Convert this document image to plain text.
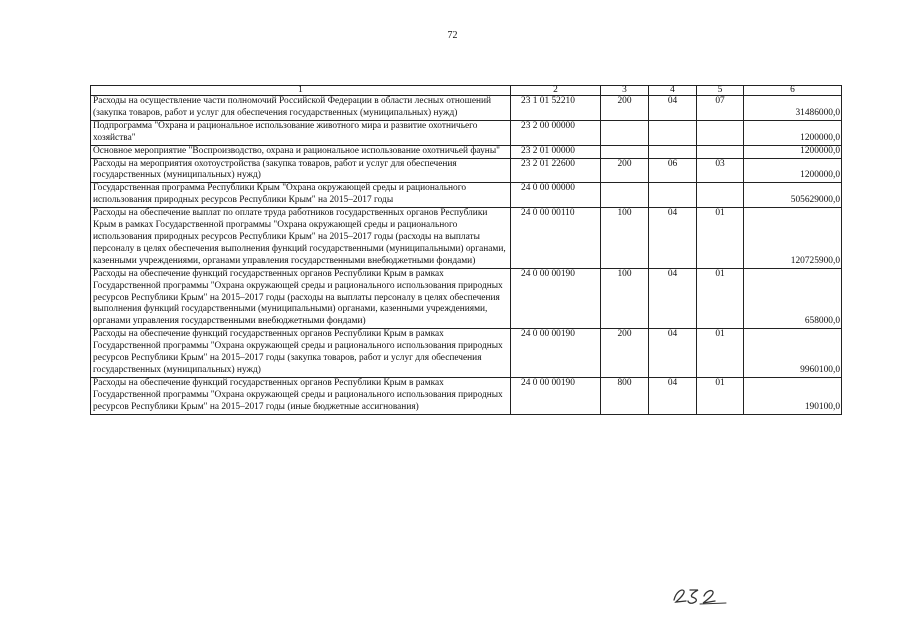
72
1	2	3	4	5	6
Расходы на осуществление части полномочий Российской Федерации в области лесных отношений (закупка товаров, работ и услуг для обеспечения государственных (муниципальных) нужд)	23 1 01 52210	200	04	07	31486000,0
Подпрограмма "Охрана и рациональное использование животного мира и развитие охотничьего хозяйства"	23 2 00 00000				1200000,0
Основное мероприятие "Воспроизводство, охрана и рациональное использование охотничьей фауны"	23 2 01 00000				1200000,0
Расходы на мероприятия охотоустройства (закупка товаров, работ и услуг для обеспечения государственных (муниципальных) нужд)	23 2 01 22600	200	06	03	1200000,0
Государственная программа Республики Крым "Охрана окружающей среды и рационального использования природных ресурсов Республики Крым" на 2015–2017 годы	24 0 00 00000				505629000,0
Расходы на обеспечение выплат по оплате труда работников государственных органов Республики Крым в рамках Государственной программы "Охрана окружающей среды и рационального использования природных ресурсов Республики Крым" на 2015–2017 годы (расходы на выплаты персоналу в целях обеспечения выполнения функций государственными (муниципальными) органами, казенными учреждениями, органами управления государственными внебюджетными фондами)	24 0 00 00110	100	04	01	120725900,0
Расходы на обеспечение функций государственных органов Республики Крым в рамках Государственной программы "Охрана окружающей среды и рационального использования природных ресурсов Республики Крым" на 2015–2017 годы (расходы на выплаты персоналу в целях обеспечения выполнения функций государственными (муниципальными) органами, казенными учреждениями, органами управления государственными внебюджетными фондами)	24 0 00 00190	100	04	01	658000,0
Расходы на обеспечение функций государственных органов Республики Крым в рамках Государственной программы "Охрана окружающей среды и рационального использования природных ресурсов Республики Крым" на 2015–2017 годы (закупка товаров, работ и услуг для обеспечения государственных (муниципальных) нужд)	24 0 00 00190	200	04	01	9960100,0
Расходы на обеспечение функций государственных органов Республики Крым в рамках Государственной программы "Охрана окружающей среды и рационального использования природных ресурсов Республики Крым" на 2015–2017 годы (иные бюджетные ассигнования)	24 0 00 00190	800	04	01	190100,0
